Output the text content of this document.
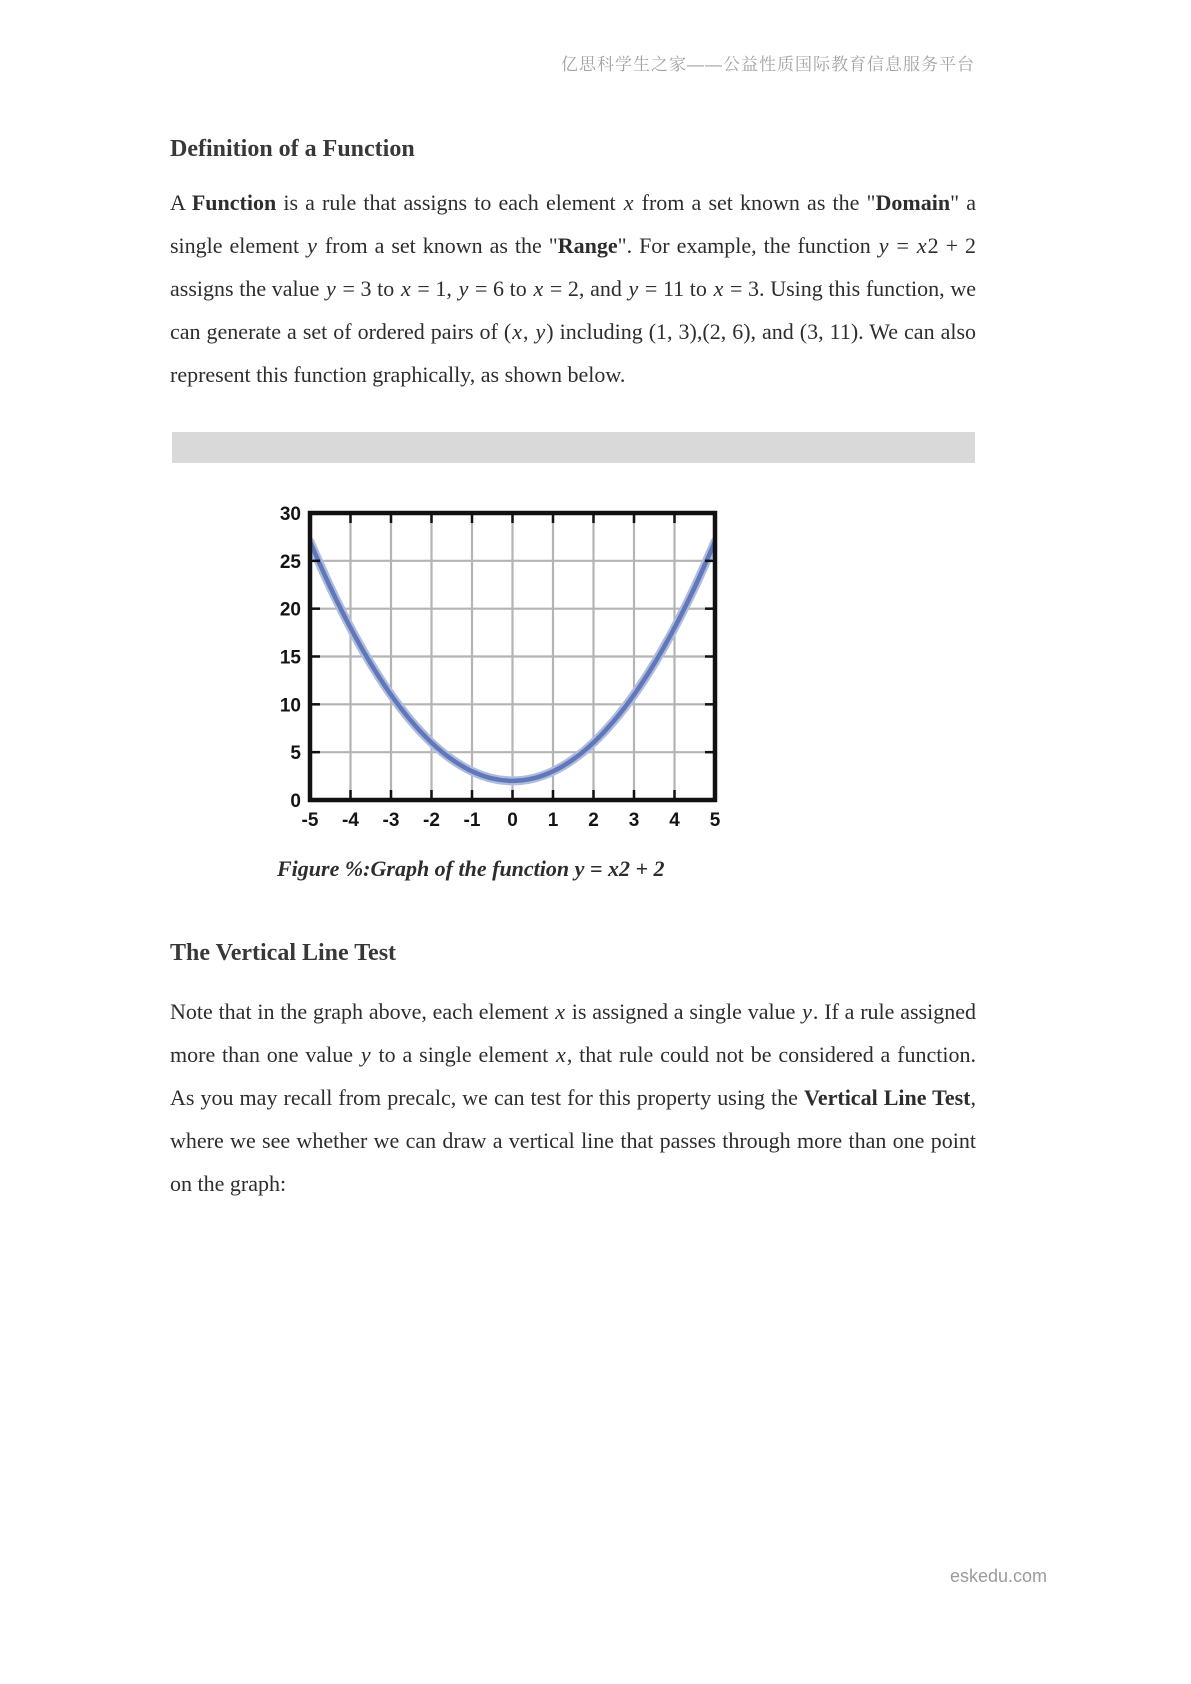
亿思科学生之家——公益性质国际教育信息服务平台
Definition of a Function

A Function is a rule that assigns to each element x from a set known as the "Domain" a single element y from a set known as the "Range". For example, the function y = x2 + 2 assigns the value y = 3 to x = 1, y = 6 to x = 2, and y = 11 to x = 3. Using this function, we can generate a set of ordered pairs of (x, y) including (1, 3),(2, 6), and (3, 11). We can also represent this function graphically, as shown below.

0
5
10
15
20
25
30
-5 -4 -3 -2 -1 0 1 2 3 4 5

Figure %:Graph of the function y = x2 + 2

The Vertical Line Test

Note that in the graph above, each element x is assigned a single value y. If a rule assigned more than one value y to a single element x, that rule could not be considered a function. As you may recall from precalc, we can test for this property using the Vertical Line Test, where we see whether we can draw a vertical line that passes through more than one point on the graph:

eskedu.com
